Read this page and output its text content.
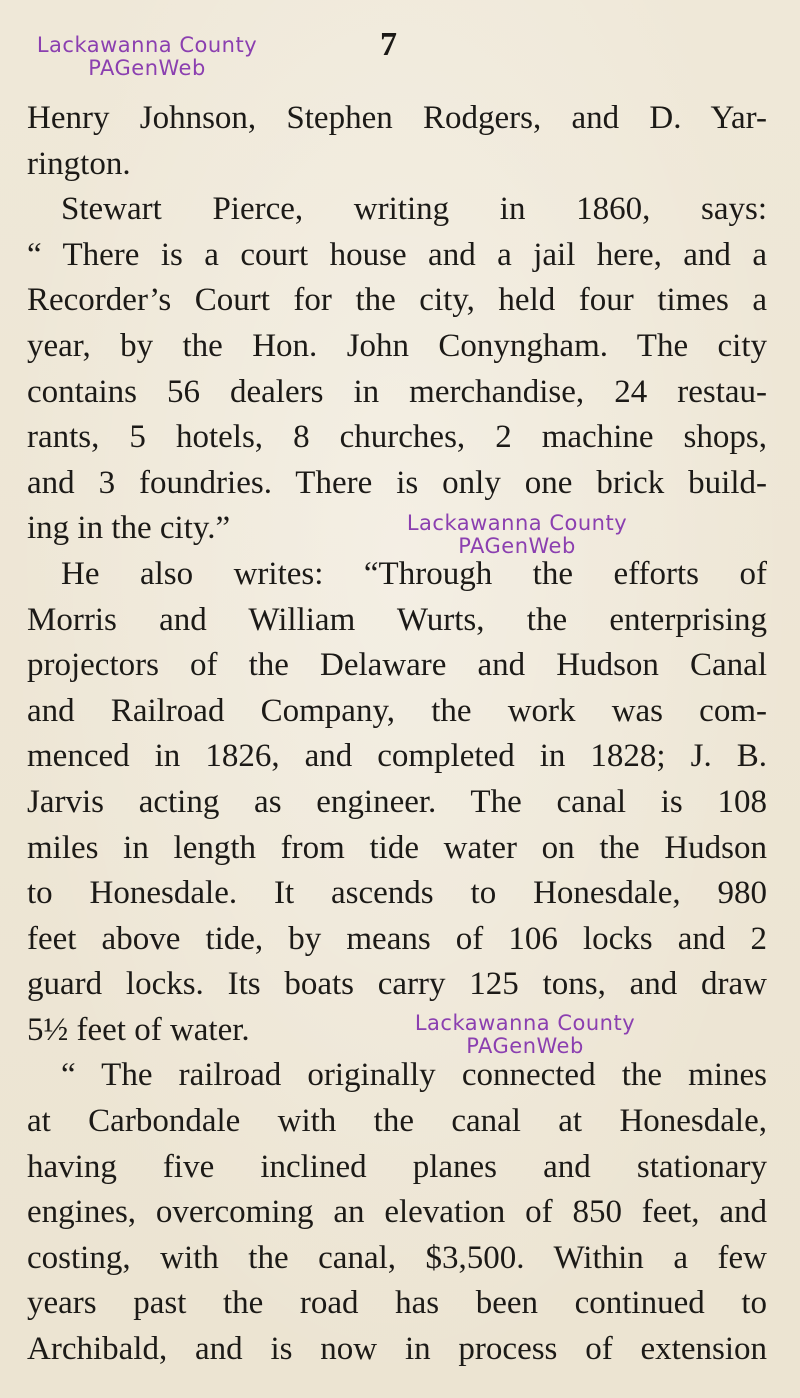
7
Lackawanna County
PAGenWeb
Henry Johnson, Stephen Rodgers, and D. Yar-
rington.
Stewart Pierce, writing in 1860, says:
“ There is a court house and a jail here, and a
Recorder’s Court for the city, held four times a
year, by the Hon. John Conyngham. The city
contains 56 dealers in merchandise, 24 restau-
rants, 5 hotels, 8 churches, 2 machine shops,
and 3 foundries. There is only one brick build-
ing in the city.”
He also writes: “Through the efforts of
Morris and William Wurts, the enterprising
projectors of the Delaware and Hudson Canal
and Railroad Company, the work was com-
menced in 1826, and completed in 1828; J. B.
Jarvis acting as engineer. The canal is 108
miles in length from tide water on the Hudson
to Honesdale. It ascends to Honesdale, 980
feet above tide, by means of 106 locks and 2
guard locks. Its boats carry 125 tons, and draw
5½ feet of water.
“ The railroad originally connected the mines
at Carbondale with the canal at Honesdale,
having five inclined planes and stationary
engines, overcoming an elevation of 850 feet, and
costing, with the canal, $3,500. Within a few
years past the road has been continued to
Archibald, and is now in process of extension
Lackawanna County
PAGenWeb
Lackawanna County
PAGenWeb
